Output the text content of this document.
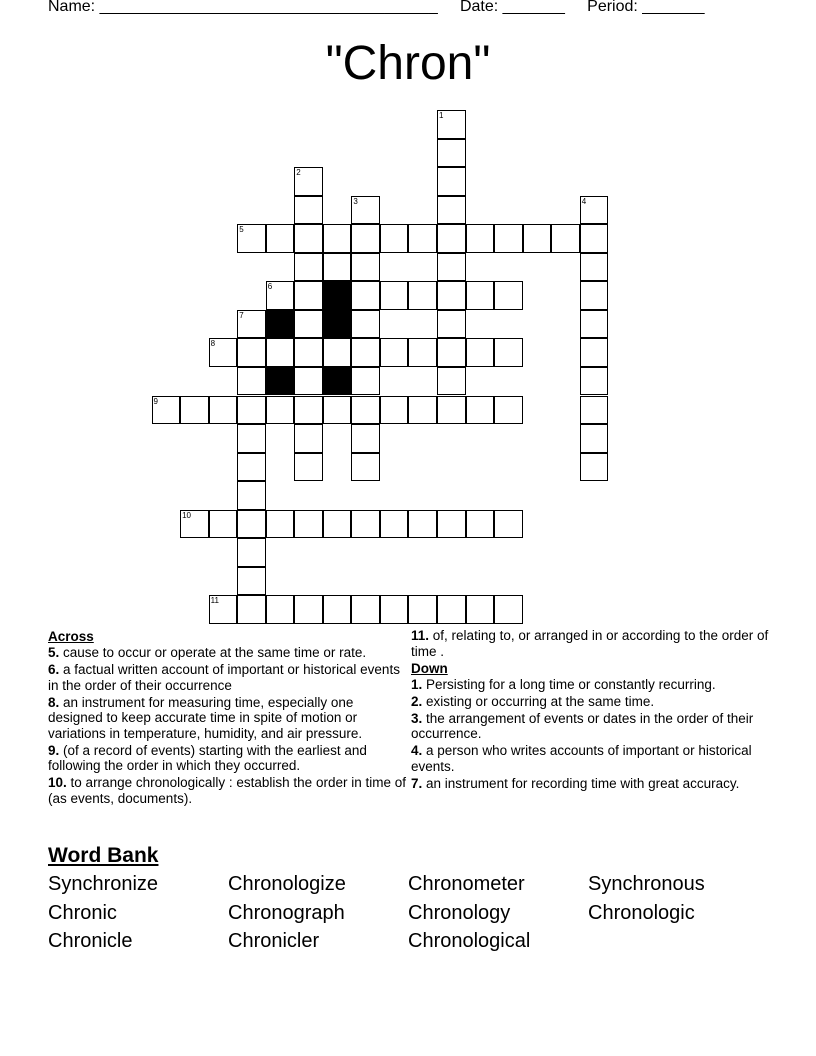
Name: ______________________________________     Date: _______     Period: _______
"Chron"
1
2
3	4
7
5
6
8
9
10
11
Across
5. cause to occur or operate at the same time or rate.
6. a factual written account of important or historical events in the order of their occurrence
8. an instrument for measuring time, especially one designed to keep accurate time in spite of motion or variations in temperature, humidity, and air pressure.
9. (of a record of events) starting with the earliest and following the order in which they occurred.
10. to arrange chronologically : establish the order in time of (as events, documents).
11. of, relating to, or arranged in or according to the order of time .
Down
1. Persisting for a long time or constantly recurring.
2. existing or occurring at the same time.
3. the arrangement of events or dates in the order of their occurrence.
4. a person who writes accounts of important or historical events.
7. an instrument for recording time with great accuracy.
Word Bank
Synchronize	Chronologize	Chronometer	Synchronous
Chronic	Chronograph	Chronology	Chronologic
Chronicle	Chronicler	Chronological
